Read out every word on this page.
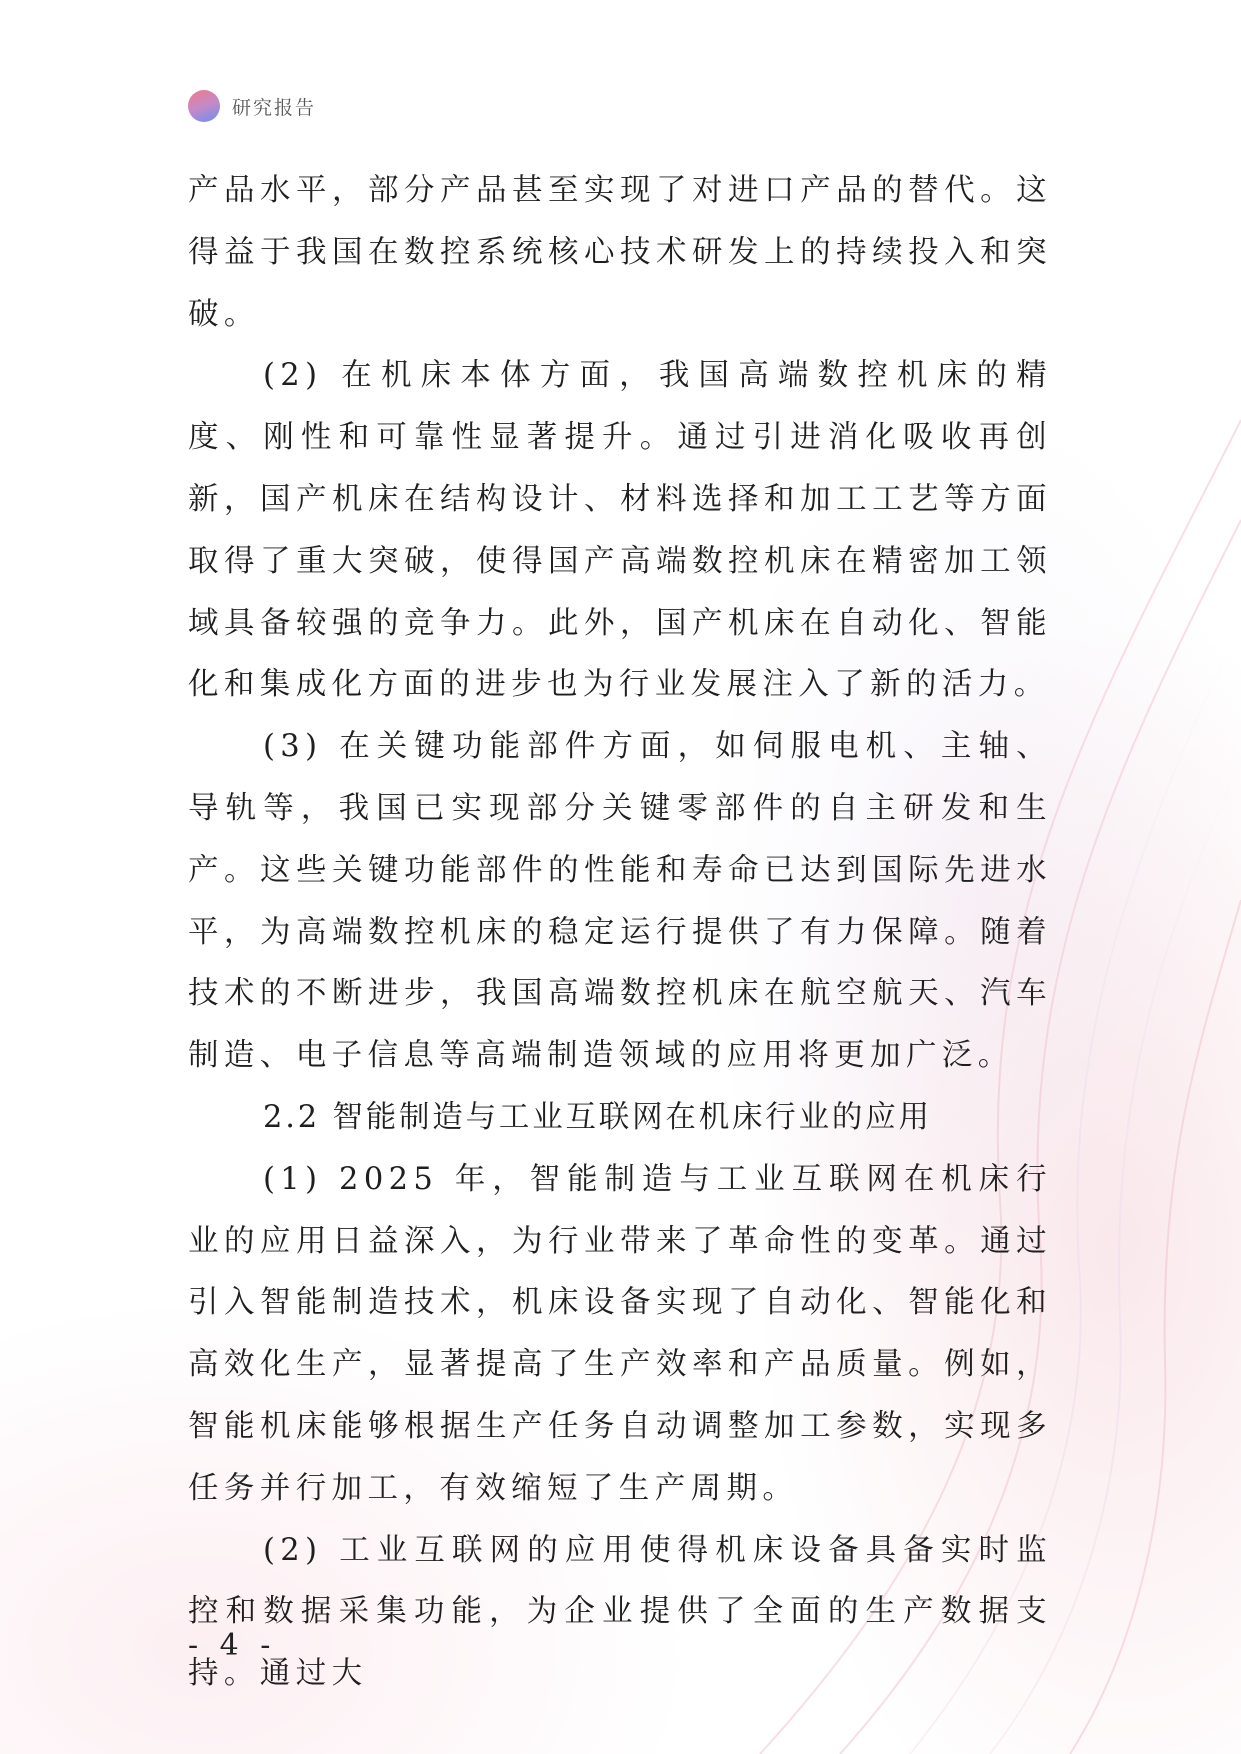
研究报告

产品水平，部分产品甚至实现了对进口产品的替代。这得益于我国在数控系统核心技术研发上的持续投入和突破。

(2) 在机床本体方面，我国高端数控机床的精度、刚性和可靠性显著提升。通过引进消化吸收再创新，国产机床在结构设计、材料选择和加工工艺等方面取得了重大突破，使得国产高端数控机床在精密加工领域具备较强的竞争力。此外，国产机床在自动化、智能化和集成化方面的进步也为行业发展注入了新的活力。

(3) 在关键功能部件方面，如伺服电机、主轴、导轨等，我国已实现部分关键零部件的自主研发和生产。这些关键功能部件的性能和寿命已达到国际先进水平，为高端数控机床的稳定运行提供了有力保障。随着技术的不断进步，我国高端数控机床在航空航天、汽车制造、电子信息等高端制造领域的应用将更加广泛。

2.2 智能制造与工业互联网在机床行业的应用

(1) 2025 年，智能制造与工业互联网在机床行业的应用日益深入，为行业带来了革命性的变革。通过引入智能制造技术，机床设备实现了自动化、智能化和高效化生产，显著提高了生产效率和产品质量。例如，智能机床能够根据生产任务自动调整加工参数，实现多任务并行加工，有效缩短了生产周期。

(2) 工业互联网的应用使得机床设备具备实时监控和数据采集功能，为企业提供了全面的生产数据支持。通过大

- 4 -
